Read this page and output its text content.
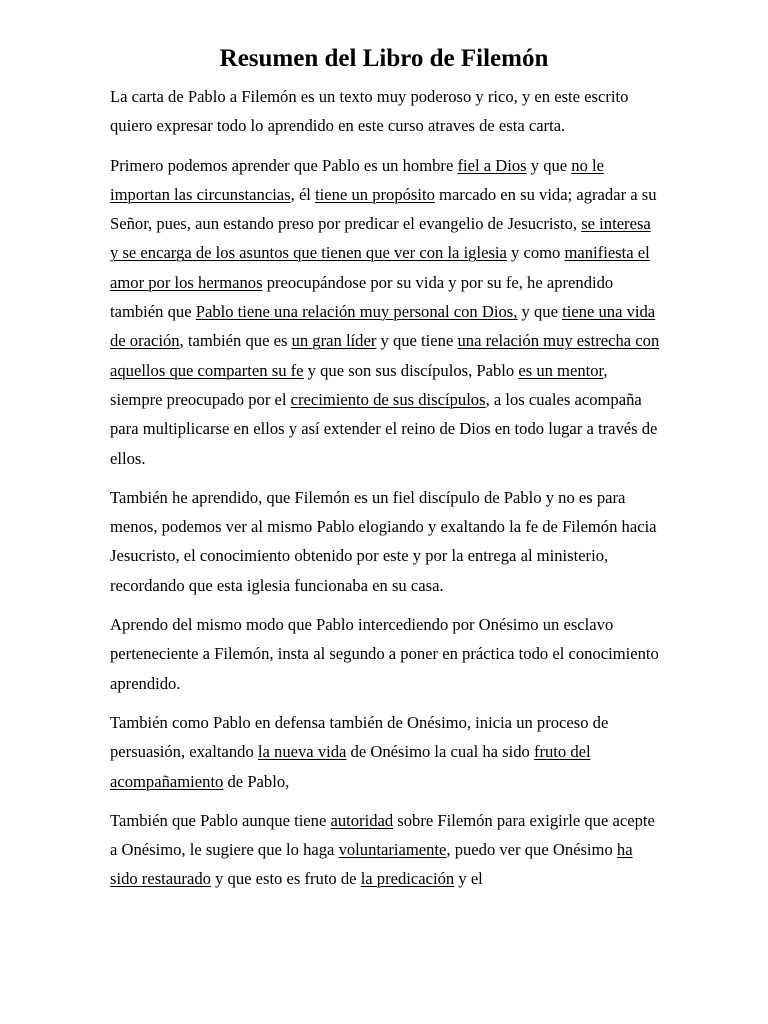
Resumen del Libro de Filemón

La carta de Pablo a Filemón es un texto muy poderoso y rico, y en este escrito quiero expresar todo lo aprendido en este curso atraves de esta carta.

Primero podemos aprender que Pablo es un hombre fiel a Dios y que no le importan las circunstancias, él tiene un propósito marcado en su vida; agradar a su Señor, pues, aun estando preso por predicar el evangelio de Jesucristo, se interesa y se encarga de los asuntos que tienen que ver con la iglesia y como manifiesta el amor por los hermanos preocupándose por su vida y por su fe, he aprendido también que Pablo tiene una relación muy personal con Dios, y que tiene una vida de oración, también que es un gran líder y que tiene una relación muy estrecha con aquellos que comparten su fe y que son sus discípulos, Pablo es un mentor, siempre preocupado por el crecimiento de sus discípulos, a los cuales acompaña para multiplicarse en ellos y así extender el reino de Dios en todo lugar a través de ellos.

También he aprendido, que Filemón es un fiel discípulo de Pablo y no es para menos, podemos ver al mismo Pablo elogiando y exaltando la fe de Filemón hacia Jesucristo, el conocimiento obtenido por este y por la entrega al ministerio, recordando que esta iglesia funcionaba en su casa.

Aprendo del mismo modo que Pablo intercediendo por Onésimo un esclavo perteneciente a Filemón, insta al segundo a poner en práctica todo el conocimiento aprendido.

También como Pablo en defensa también de Onésimo, inicia un proceso de persuasión, exaltando la nueva vida de Onésimo la cual ha sido fruto del acompañamiento de Pablo,

También que Pablo aunque tiene autoridad sobre Filemón para exigirle que acepte a Onésimo, le sugiere que lo haga voluntariamente, puedo ver que Onésimo ha sido restaurado y que esto es fruto de la predicación y el
